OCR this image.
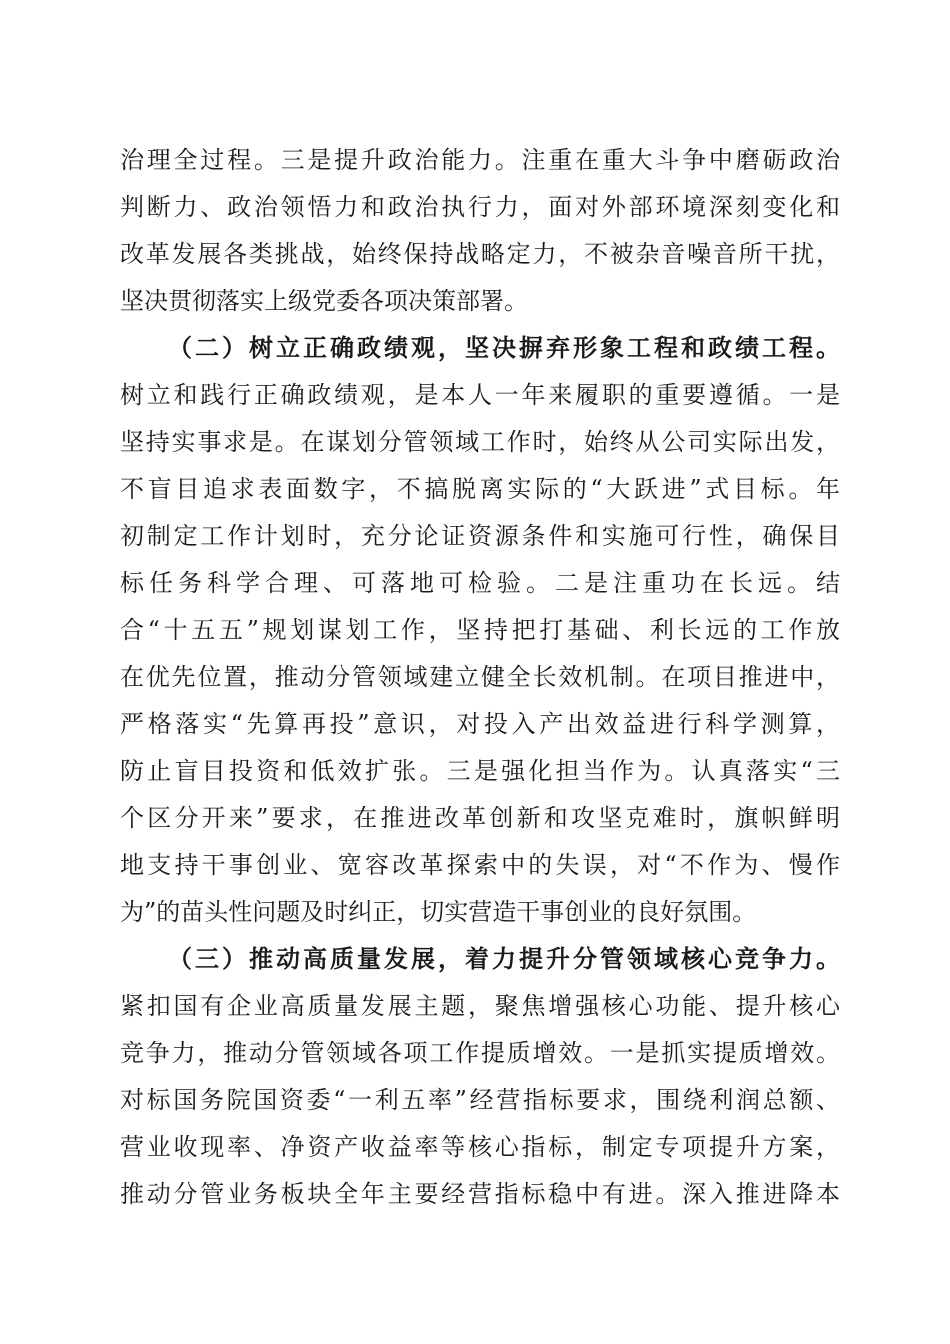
治理全过程。三是提升政治能力。注重在重大斗争中磨砺政治
判断力、政治领悟力和政治执行力，面对外部环境深刻变化和
改革发展各类挑战，始终保持战略定力，不被杂音噪音所干扰，
坚决贯彻落实上级党委各项决策部署。
（二）树立正确政绩观，坚决摒弃形象工程和政绩工程。
树立和践行正确政绩观，是本人一年来履职的重要遵循。一是
坚持实事求是。在谋划分管领域工作时，始终从公司实际出发，
不盲目追求表面数字，不搞脱离实际的“大跃进”式目标。年
初制定工作计划时，充分论证资源条件和实施可行性，确保目
标任务科学合理、可落地可检验。二是注重功在长远。结
合“十五五”规划谋划工作，坚持把打基础、利长远的工作放
在优先位置，推动分管领域建立健全长效机制。在项目推进中，
严格落实“先算再投”意识，对投入产出效益进行科学测算，
防止盲目投资和低效扩张。三是强化担当作为。认真落实“三
个区分开来”要求，在推进改革创新和攻坚克难时，旗帜鲜明
地支持干事创业、宽容改革探索中的失误，对“不作为、慢作
为”的苗头性问题及时纠正，切实营造干事创业的良好氛围。
（三）推动高质量发展，着力提升分管领域核心竞争力。
紧扣国有企业高质量发展主题，聚焦增强核心功能、提升核心
竞争力，推动分管领域各项工作提质增效。一是抓实提质增效。
对标国务院国资委“一利五率”经营指标要求，围绕利润总额、
营业收现率、净资产收益率等核心指标，制定专项提升方案，
推动分管业务板块全年主要经营指标稳中有进。深入推进降本
